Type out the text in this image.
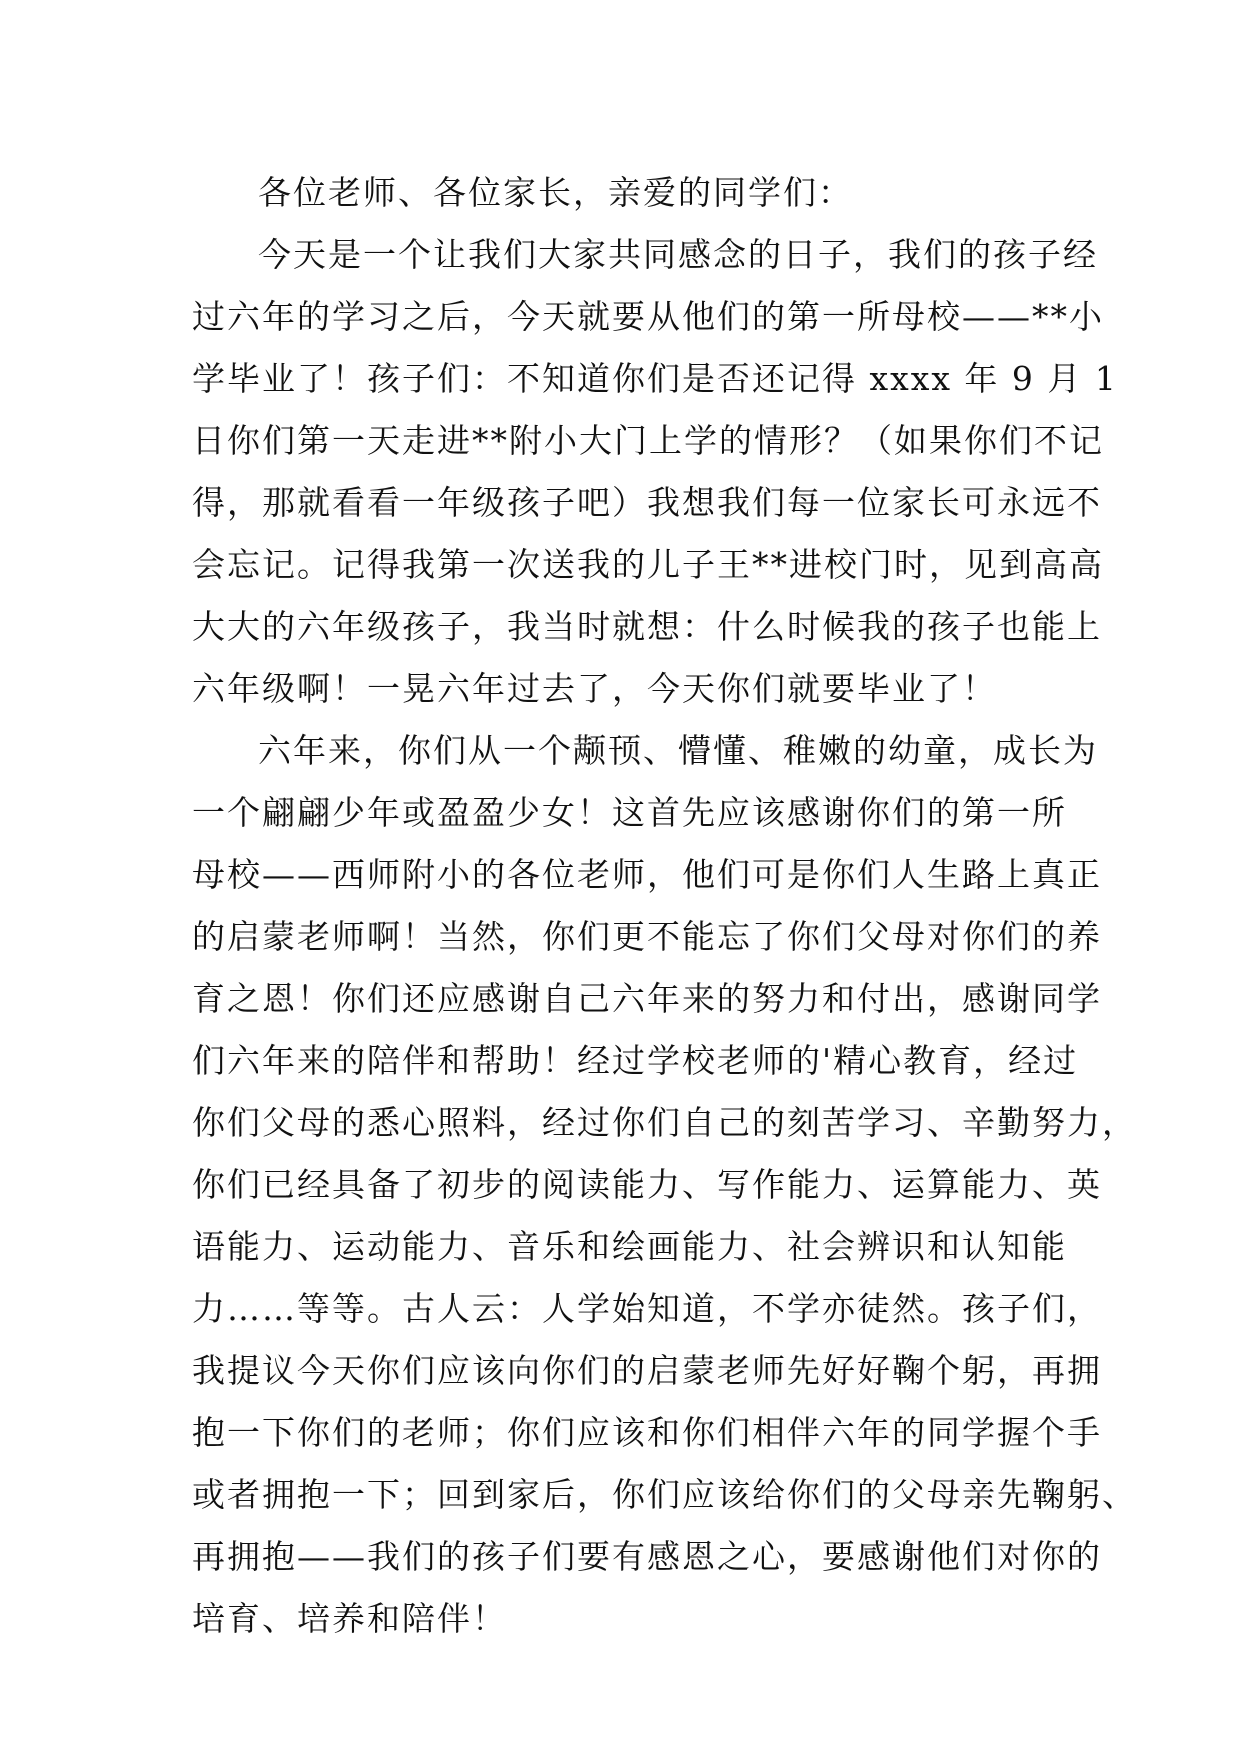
各位老师、各位家长，亲爱的同学们：
今天是一个让我们大家共同感念的日子，我们的孩子经
过六年的学习之后，今天就要从他们的第一所母校——**小
学毕业了！孩子们：不知道你们是否还记得 xxxx 年 9 月 1
日你们第一天走进**附小大门上学的情形？（如果你们不记
得，那就看看一年级孩子吧）我想我们每一位家长可永远不
会忘记。记得我第一次送我的儿子王**进校门时，见到高高
大大的六年级孩子，我当时就想：什么时候我的孩子也能上
六年级啊！一晃六年过去了，今天你们就要毕业了！
六年来，你们从一个颟顸、懵懂、稚嫩的幼童，成长为
一个翩翩少年或盈盈少女！这首先应该感谢你们的第一所
母校——西师附小的各位老师，他们可是你们人生路上真正
的启蒙老师啊！当然，你们更不能忘了你们父母对你们的养
育之恩！你们还应感谢自己六年来的努力和付出，感谢同学
们六年来的陪伴和帮助！经过学校老师的'精心教育，经过
你们父母的悉心照料，经过你们自己的刻苦学习、辛勤努力，
你们已经具备了初步的阅读能力、写作能力、运算能力、英
语能力、运动能力、音乐和绘画能力、社会辨识和认知能
力……等等。古人云：人学始知道，不学亦徒然。孩子们，
我提议今天你们应该向你们的启蒙老师先好好鞠个躬，再拥
抱一下你们的老师；你们应该和你们相伴六年的同学握个手
或者拥抱一下；回到家后，你们应该给你们的父母亲先鞠躬、
再拥抱——我们的孩子们要有感恩之心，要感谢他们对你的
培育、培养和陪伴！
